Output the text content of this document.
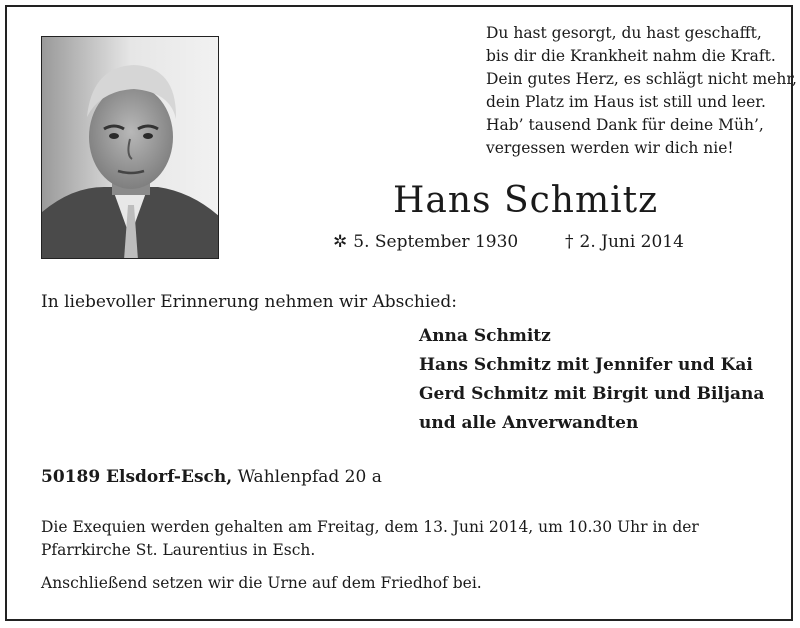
Du hast gesorgt, du hast geschafft,
bis dir die Krankheit nahm die Kraft.
Dein gutes Herz, es schlägt nicht mehr,
dein Platz im Haus ist still und leer.
Hab’ tausend Dank für deine Müh’,
vergessen werden wir dich nie!
Hans Schmitz
✲ 5. September 1930	† 2. Juni 2014
In liebevoller Erinnerung nehmen wir Abschied:
Anna Schmitz
Hans Schmitz mit Jennifer und Kai
Gerd Schmitz mit Birgit und Biljana
und alle Anverwandten
50189 Elsdorf-Esch, Wahlenpfad 20 a
Die Exequien werden gehalten am Freitag, dem 13. Juni 2014, um 10.30 Uhr in der Pfarrkirche St. Laurentius in Esch.
Anschließend setzen wir die Urne auf dem Friedhof bei.
